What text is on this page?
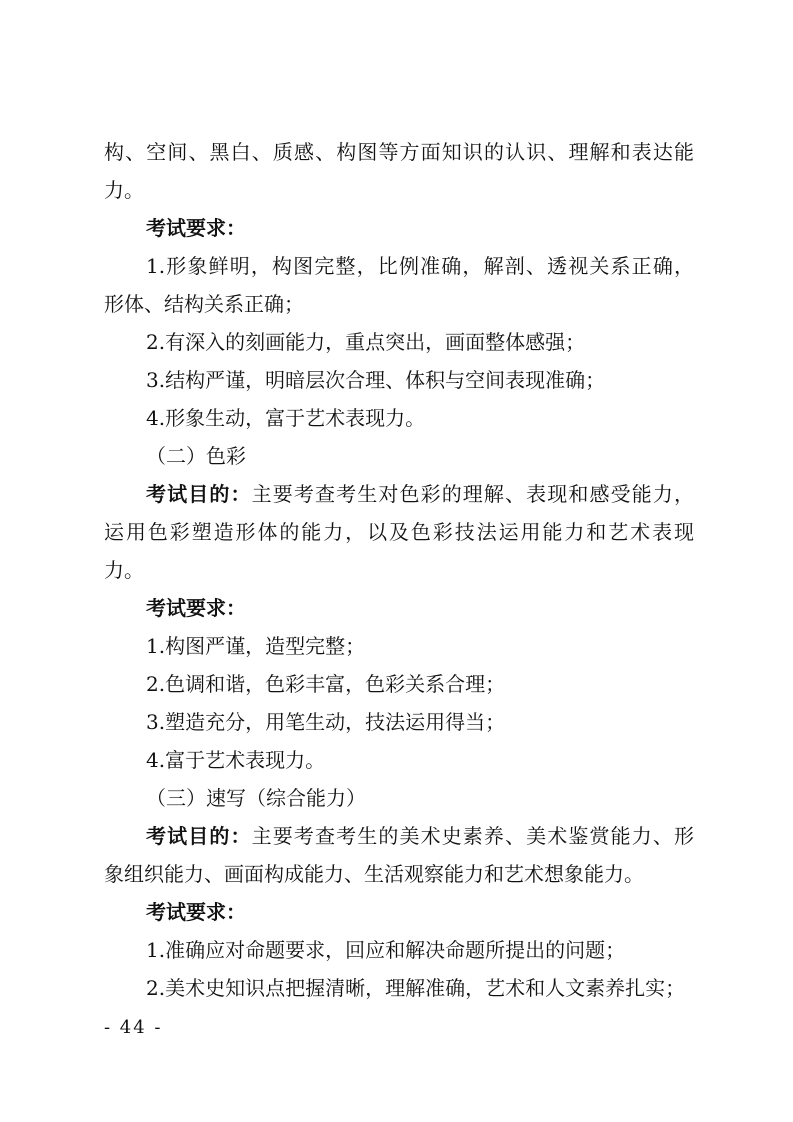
构、空间、黑白、质感、构图等方面知识的认识、理解和表达能
力。
考试要求：
1.形象鲜明，构图完整，比例准确，解剖、透视关系正确，
形体、结构关系正确；
2.有深入的刻画能力，重点突出，画面整体感强；
3.结构严谨，明暗层次合理、体积与空间表现准确；
4.形象生动，富于艺术表现力。
（二）色彩
考试目的：主要考查考生对色彩的理解、表现和感受能力，
运用色彩塑造形体的能力，以及色彩技法运用能力和艺术表现
力。
考试要求：
1.构图严谨，造型完整；
2.色调和谐，色彩丰富，色彩关系合理；
3.塑造充分，用笔生动，技法运用得当；
4.富于艺术表现力。
（三）速写（综合能力）
考试目的：主要考查考生的美术史素养、美术鉴赏能力、形
象组织能力、画面构成能力、生活观察能力和艺术想象能力。
考试要求：
1.准确应对命题要求，回应和解决命题所提出的问题；
2.美术史知识点把握清晰，理解准确，艺术和人文素养扎实；
- 44 -
